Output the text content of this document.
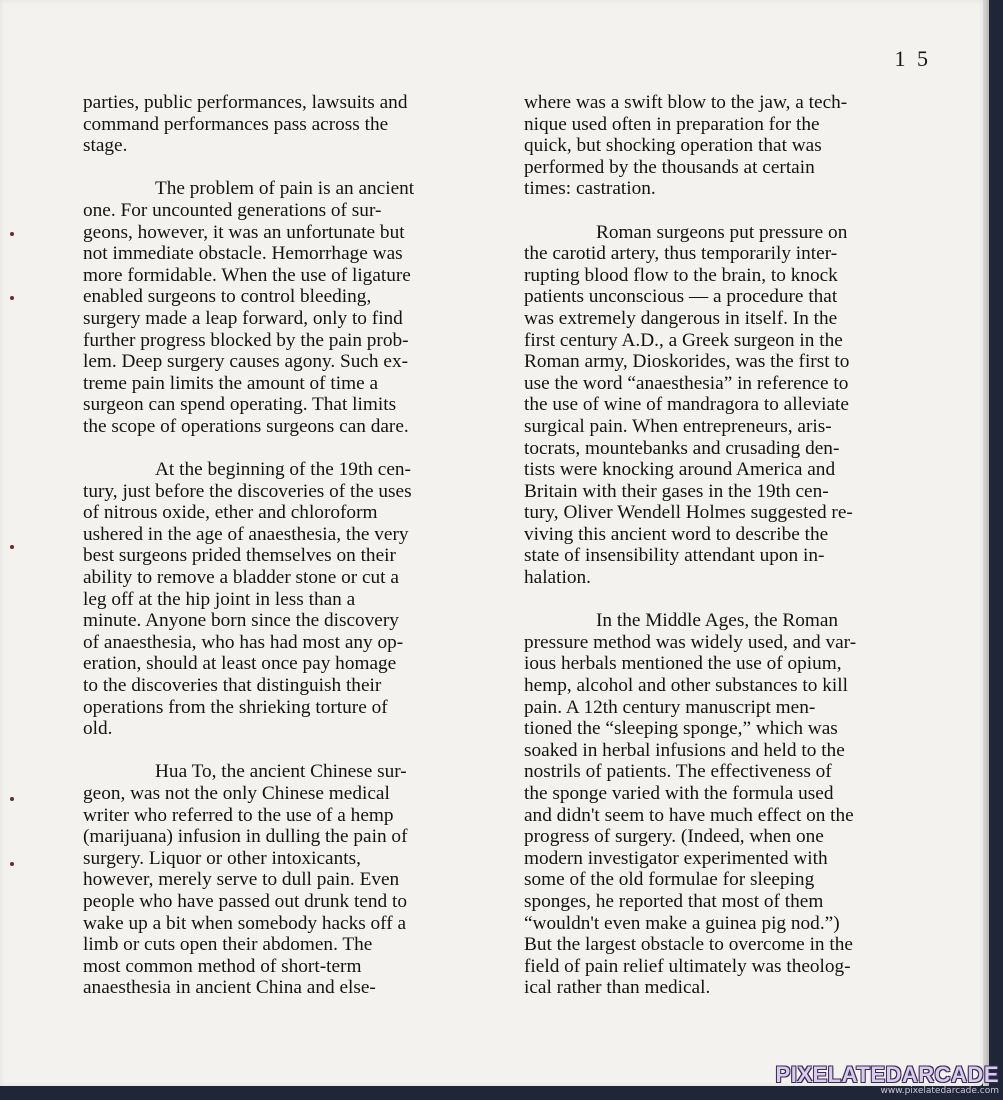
1 5
parties, public performances, lawsuits and
command performances pass across the
stage.
The problem of pain is an ancient
one. For uncounted generations of sur-
geons, however, it was an unfortunate but
not immediate obstacle. Hemorrhage was
more formidable. When the use of ligature
enabled surgeons to control bleeding,
surgery made a leap forward, only to find
further progress blocked by the pain prob-
lem. Deep surgery causes agony. Such ex-
treme pain limits the amount of time a
surgeon can spend operating. That limits
the scope of operations surgeons can dare.
At the beginning of the 19th cen-
tury, just before the discoveries of the uses
of nitrous oxide, ether and chloroform
ushered in the age of anaesthesia, the very
best surgeons prided themselves on their
ability to remove a bladder stone or cut a
leg off at the hip joint in less than a
minute. Anyone born since the discovery
of anaesthesia, who has had most any op-
eration, should at least once pay homage
to the discoveries that distinguish their
operations from the shrieking torture of
old.
Hua To, the ancient Chinese sur-
geon, was not the only Chinese medical
writer who referred to the use of a hemp
(marijuana) infusion in dulling the pain of
surgery. Liquor or other intoxicants,
however, merely serve to dull pain. Even
people who have passed out drunk tend to
wake up a bit when somebody hacks off a
limb or cuts open their abdomen. The
most common method of short-term
anaesthesia in ancient China and else-
where was a swift blow to the jaw, a tech-
nique used often in preparation for the
quick, but shocking operation that was
performed by the thousands at certain
times: castration.
Roman surgeons put pressure on
the carotid artery, thus temporarily inter-
rupting blood flow to the brain, to knock
patients unconscious — a procedure that
was extremely dangerous in itself. In the
first century A.D., a Greek surgeon in the
Roman army, Dioskorides, was the first to
use the word “anaesthesia” in reference to
the use of wine of mandragora to alleviate
surgical pain. When entrepreneurs, aris-
tocrats, mountebanks and crusading den-
tists were knocking around America and
Britain with their gases in the 19th cen-
tury, Oliver Wendell Holmes suggested re-
viving this ancient word to describe the
state of insensibility attendant upon in-
halation.
In the Middle Ages, the Roman
pressure method was widely used, and var-
ious herbals mentioned the use of opium,
hemp, alcohol and other substances to kill
pain. A 12th century manuscript men-
tioned the “sleeping sponge,” which was
soaked in herbal infusions and held to the
nostrils of patients. The effectiveness of
the sponge varied with the formula used
and didn't seem to have much effect on the
progress of surgery. (Indeed, when one
modern investigator experimented with
some of the old formulae for sleeping
sponges, he reported that most of them
“wouldn't even make a guinea pig nod.”)
But the largest obstacle to overcome in the
field of pain relief ultimately was theolog-
ical rather than medical.
PIXELATEDARCADE
www.pixelatedarcade.com
